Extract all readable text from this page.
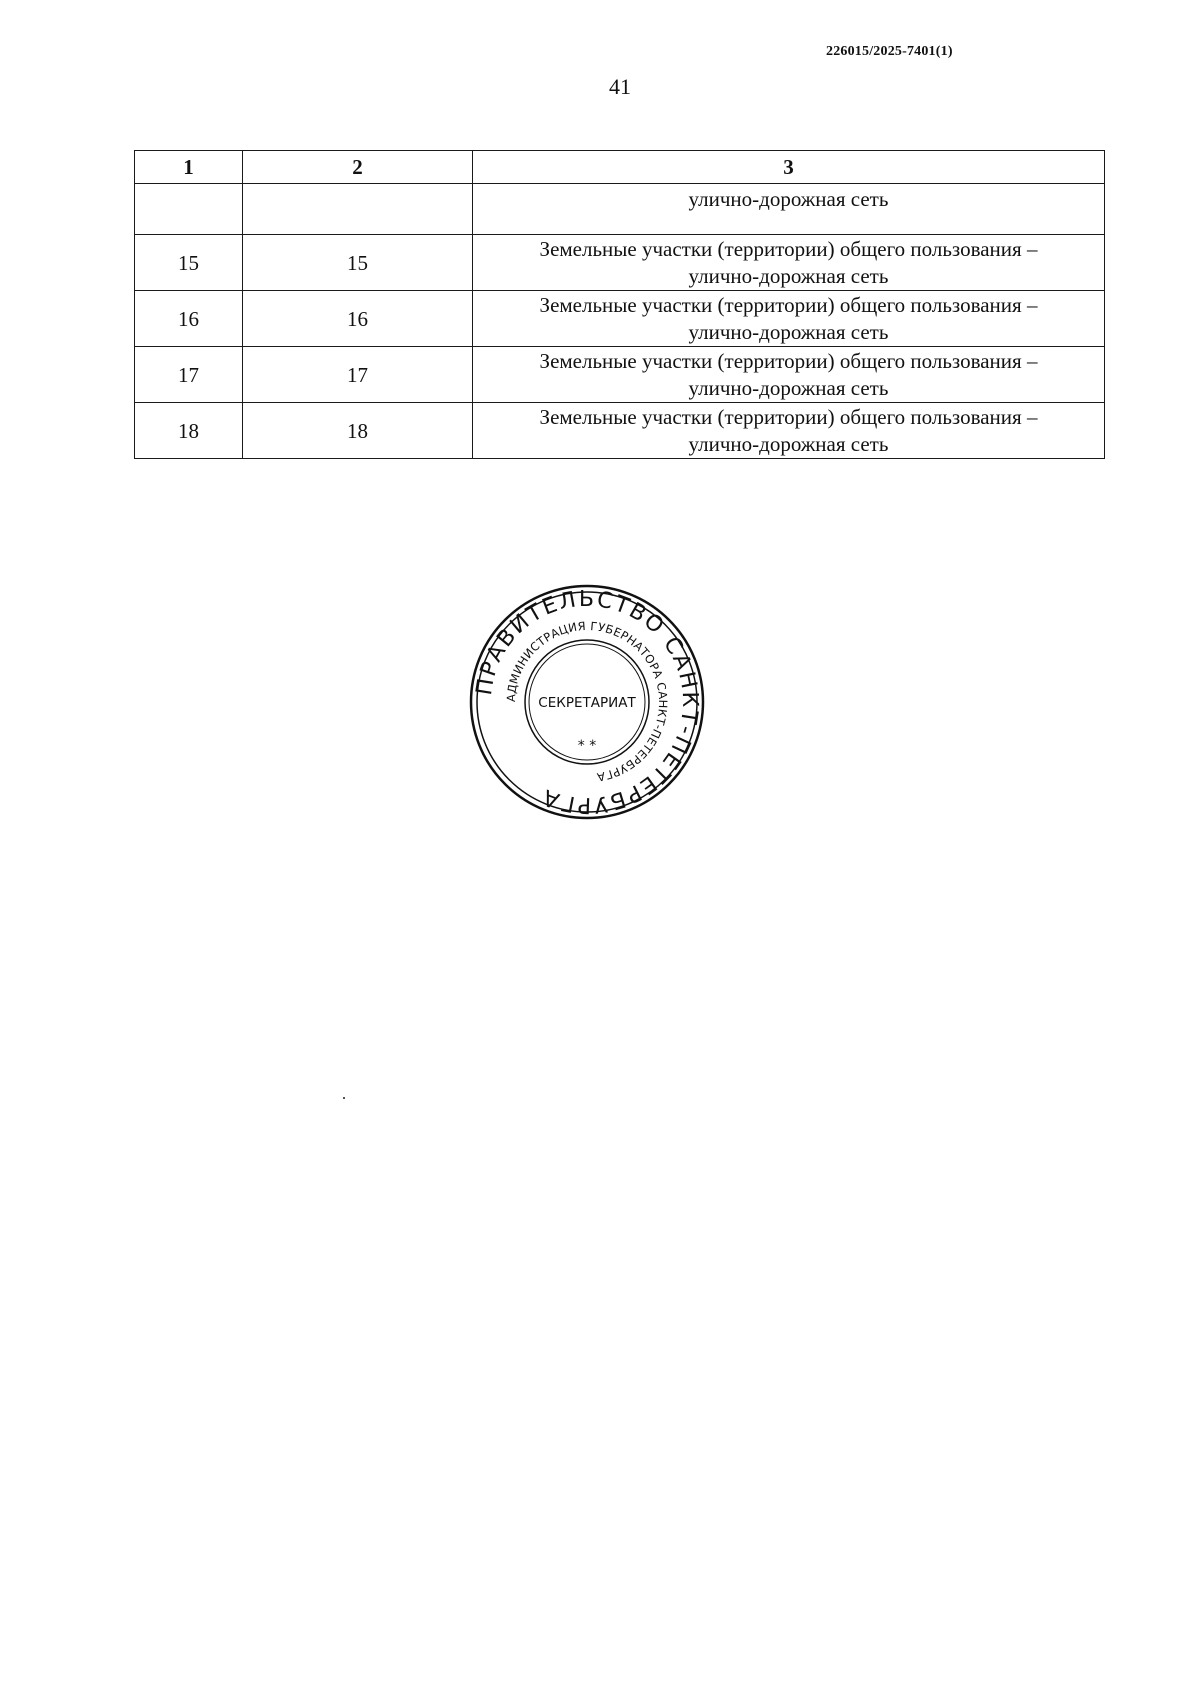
226015/2025-7401(1)
41
1	2	3
		улично-дорожная сеть
15	15	Земельные участки (территории) общего пользования –
улично-дорожная сеть

16	16	Земельные участки (территории) общего пользования –
улично-дорожная сеть

17	17	Земельные участки (территории) общего пользования –
улично-дорожная сеть

18	18	Земельные участки (территории) общего пользования –
улично-дорожная сеть
ПРАВИТЕЛЬСТВО САНКТ-ПЕТЕРБУРГА
АДМИНИСТРАЦИЯ ГУБЕРНАТОРА САНКТ-ПЕТЕРБУРГА
СЕКРЕТАРИАТ
* *
